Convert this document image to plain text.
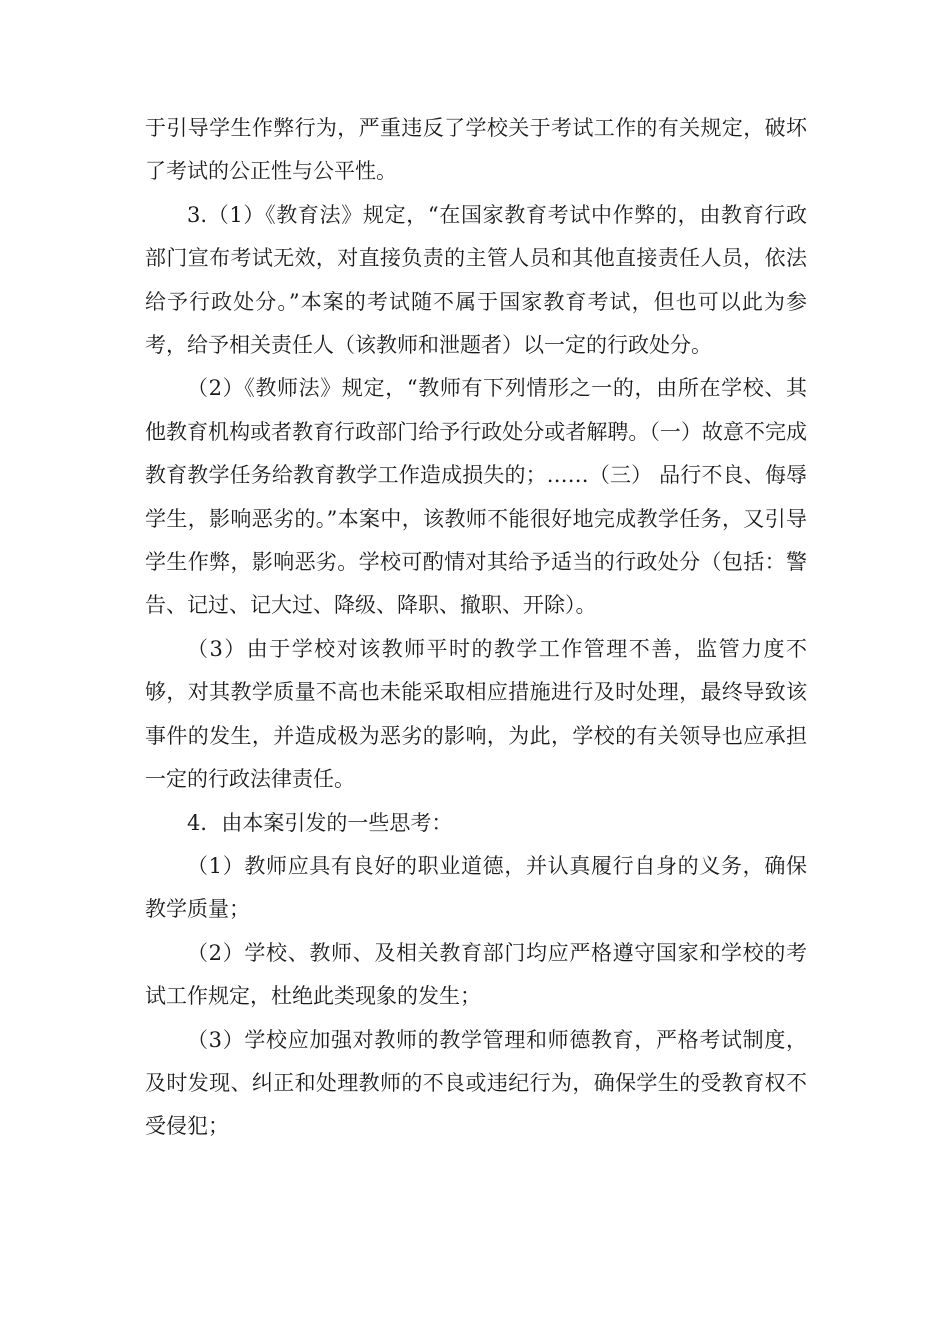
于引导学生作弊行为，严重违反了学校关于考试工作的有关规定，破坏了考试的公正性与公平性。

3.（1）《教育法》规定，“在国家教育考试中作弊的，由教育行政部门宣布考试无效，对直接负责的主管人员和其他直接责任人员，依法给予行政处分。”本案的考试随不属于国家教育考试，但也可以此为参考，给予相关责任人（该教师和泄题者）以一定的行政处分。

（2）《教师法》规定，“教师有下列情形之一的，由所在学校、其他教育机构或者教育行政部门给予行政处分或者解聘。（一）故意不完成教育教学任务给教育教学工作造成损失的；……（三） 品行不良、侮辱学生，影响恶劣的。”本案中，该教师不能很好地完成教学任务，又引导学生作弊，影响恶劣。学校可酌情对其给予适当的行政处分（包括：警告、记过、记大过、降级、降职、撤职、开除）。

（3）由于学校对该教师平时的教学工作管理不善，监管力度不够，对其教学质量不高也未能采取相应措施进行及时处理，最终导致该事件的发生，并造成极为恶劣的影响，为此，学校的有关领导也应承担一定的行政法律责任。

4．由本案引发的一些思考：

（1）教师应具有良好的职业道德，并认真履行自身的义务，确保教学质量；

（2）学校、教师、及相关教育部门均应严格遵守国家和学校的考试工作规定，杜绝此类现象的发生；

（3）学校应加强对教师的教学管理和师德教育，严格考试制度，及时发现、纠正和处理教师的不良或违纪行为，确保学生的受教育权不受侵犯；
